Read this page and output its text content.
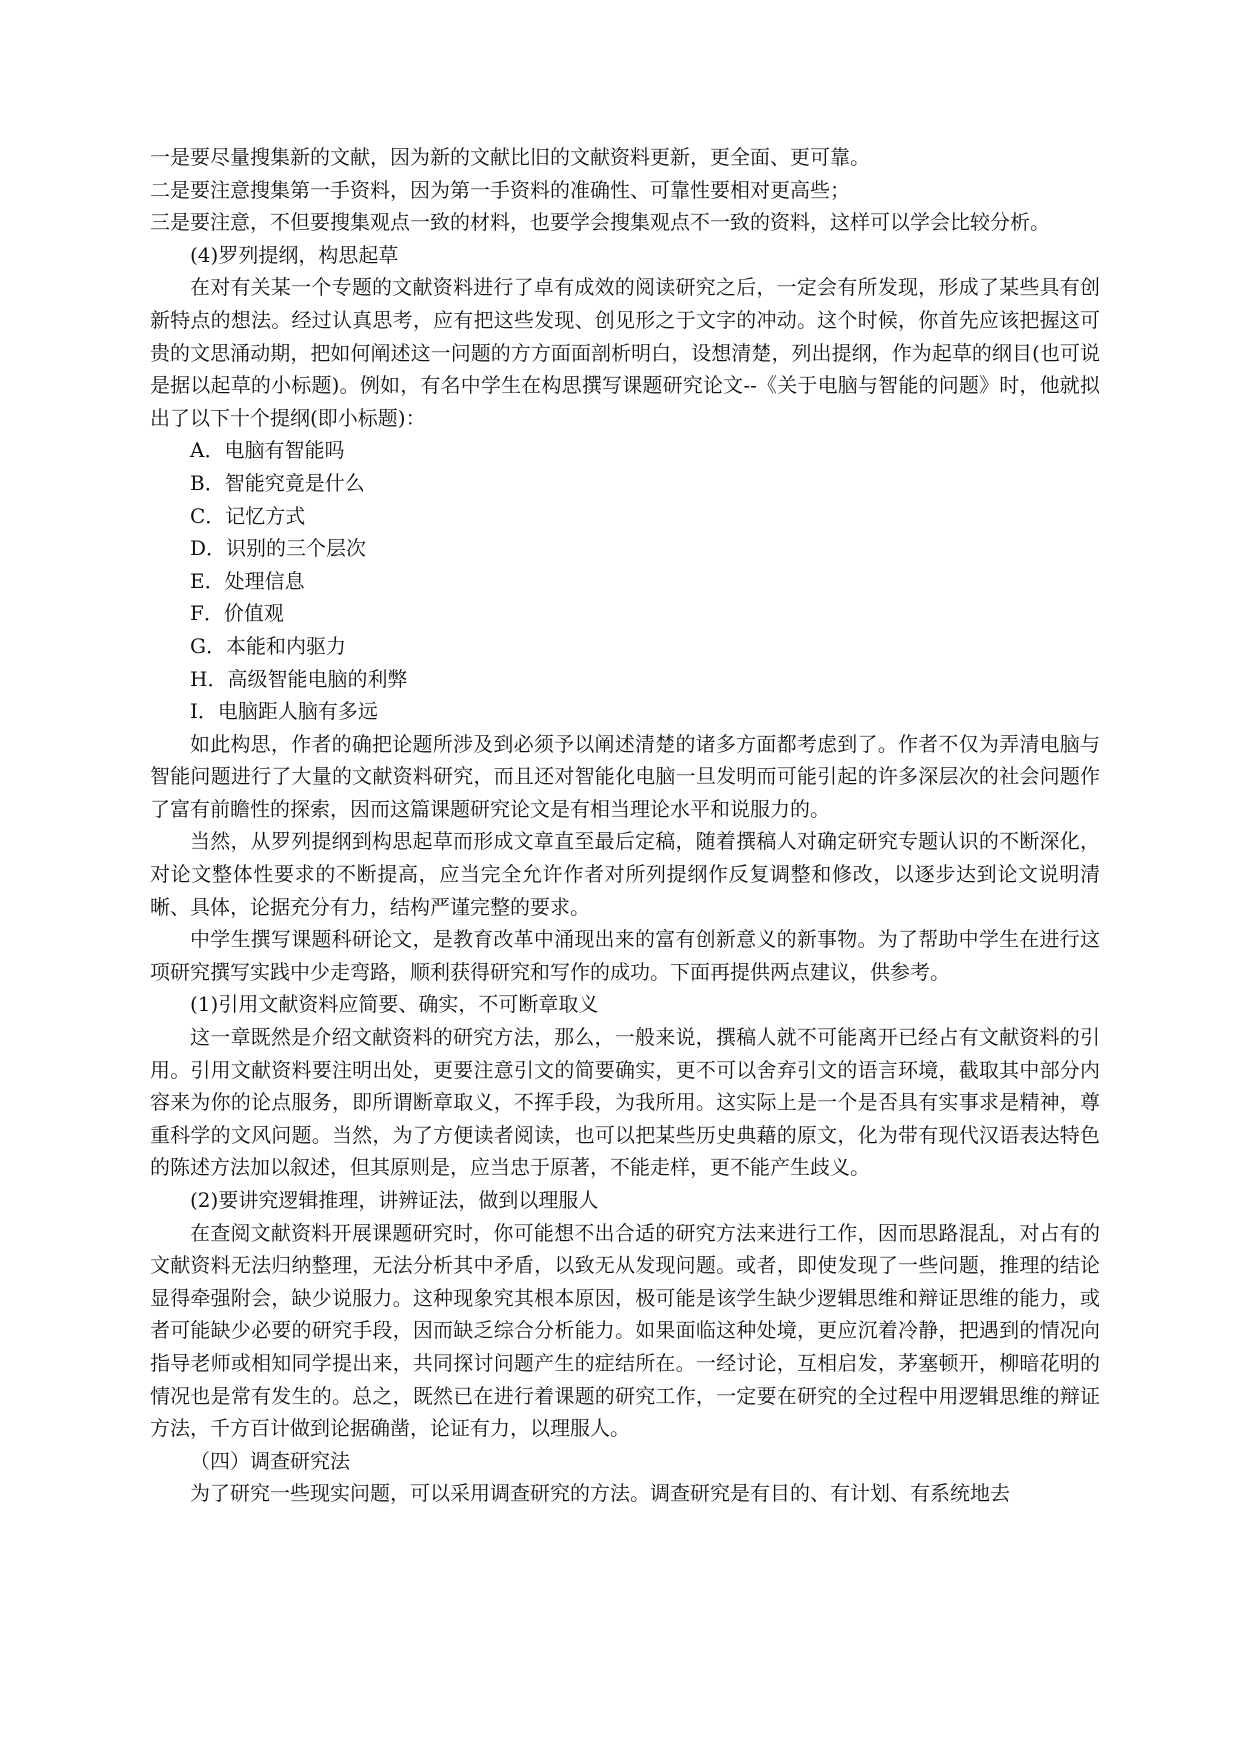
一是要尽量搜集新的文献，因为新的文献比旧的文献资料更新，更全面、更可靠。

二是要注意搜集第一手资料，因为第一手资料的准确性、可靠性要相对更高些；

三是要注意，不但要搜集观点一致的材料，也要学会搜集观点不一致的资料，这样可以学会比较分析。

(4)罗列提纲，构思起草

在对有关某一个专题的文献资料进行了卓有成效的阅读研究之后，一定会有所发现，形成了某些具有创新特点的想法。经过认真思考，应有把这些发现、创见形之于文字的冲动。这个时候，你首先应该把握这可贵的文思涌动期，把如何阐述这一问题的方方面面剖析明白，设想清楚，列出提纲，作为起草的纲目(也可说是据以起草的小标题)。例如，有名中学生在构思撰写课题研究论文--《关于电脑与智能的问题》时，他就拟出了以下十个提纲(即小标题)：

A．电脑有智能吗

B．智能究竟是什么

C．记忆方式

D．识别的三个层次

E．处理信息

F．价值观

G．本能和内驱力

H．高级智能电脑的利弊

I．电脑距人脑有多远

如此构思，作者的确把论题所涉及到必须予以阐述清楚的诸多方面都考虑到了。作者不仅为弄清电脑与智能问题进行了大量的文献资料研究，而且还对智能化电脑一旦发明而可能引起的许多深层次的社会问题作了富有前瞻性的探索，因而这篇课题研究论文是有相当理论水平和说服力的。

当然，从罗列提纲到构思起草而形成文章直至最后定稿，随着撰稿人对确定研究专题认识的不断深化，对论文整体性要求的不断提高，应当完全允许作者对所列提纲作反复调整和修改，以逐步达到论文说明清晰、具体，论据充分有力，结构严谨完整的要求。

中学生撰写课题科研论文，是教育改革中涌现出来的富有创新意义的新事物。为了帮助中学生在进行这项研究撰写实践中少走弯路，顺利获得研究和写作的成功。下面再提供两点建议，供参考。

(1)引用文献资料应简要、确实，不可断章取义

这一章既然是介绍文献资料的研究方法，那么，一般来说，撰稿人就不可能离开已经占有文献资料的引用。引用文献资料要注明出处，更要注意引文的简要确实，更不可以舍弃引文的语言环境，截取其中部分内容来为你的论点服务，即所谓断章取义，不挥手段，为我所用。这实际上是一个是否具有实事求是精神，尊重科学的文风问题。当然，为了方便读者阅读，也可以把某些历史典藉的原文，化为带有现代汉语表达特色的陈述方法加以叙述，但其原则是，应当忠于原著，不能走样，更不能产生歧义。

(2)要讲究逻辑推理，讲辨证法，做到以理服人

在查阅文献资料开展课题研究时，你可能想不出合适的研究方法来进行工作，因而思路混乱，对占有的文献资料无法归纳整理，无法分析其中矛盾，以致无从发现问题。或者，即使发现了一些问题，推理的结论显得牵强附会，缺少说服力。这种现象究其根本原因，极可能是该学生缺少逻辑思维和辩证思维的能力，或者可能缺少必要的研究手段，因而缺乏综合分析能力。如果面临这种处境，更应沉着冷静，把遇到的情况向指导老师或相知同学提出来，共同探讨问题产生的症结所在。一经讨论，互相启发，茅塞顿开，柳暗花明的情况也是常有发生的。总之，既然已在进行着课题的研究工作，一定要在研究的全过程中用逻辑思维的辩证方法，千方百计做到论据确凿，论证有力，以理服人。

（四）调查研究法

为了研究一些现实问题，可以采用调查研究的方法。调查研究是有目的、有计划、有系统地去
